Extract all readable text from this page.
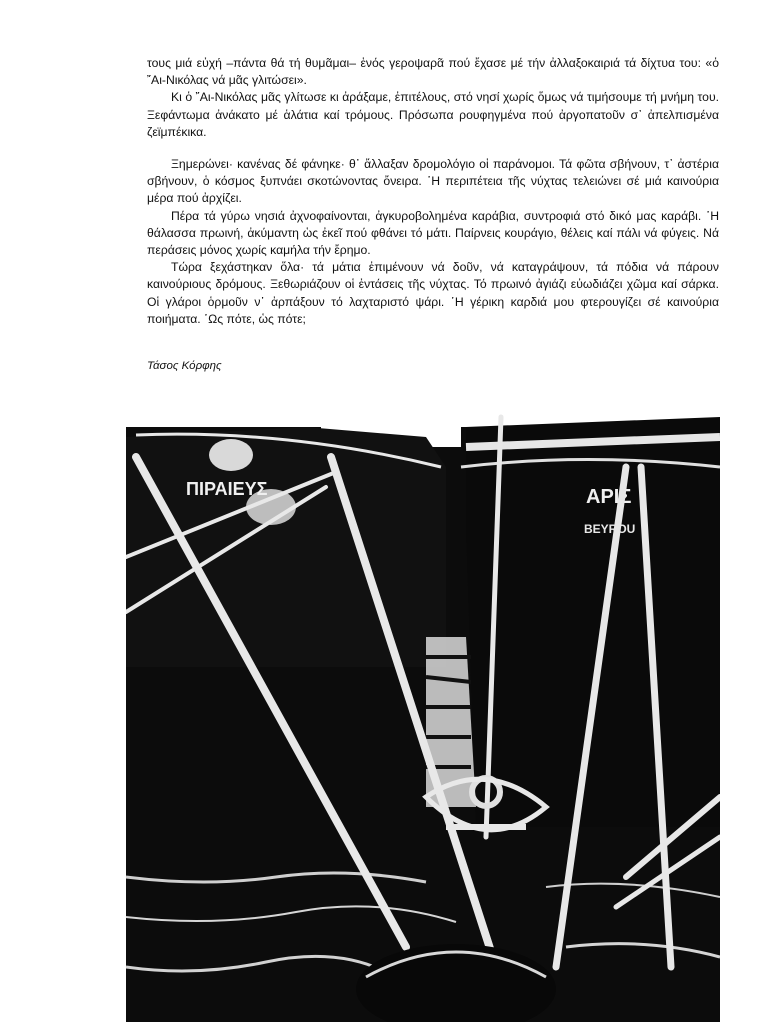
τους μιά εὐχή –πάντα θά τή θυμᾶμαι– ἑνός γεροψαρᾶ πού ἔχασε μέ τήν ἀλλαξοκαιριά τά δίχτυα του: «ὁ ῎Αι-Νικόλας νά μᾶς γλιτώσει».

Κι ὁ ῎Αι-Νικόλας μᾶς γλίτωσε κι ἀράξαμε, ἐπιτέλους, στό νησί χωρίς ὅμως νά τιμήσουμε τή μνήμη του. Ξεφάντωμα ἀνάκατο μέ ἁλάτια καί τρόμους. Πρόσωπα ρουφηγμένα πού ἀργοπατοῦν σ᾽ ἀπελπισμένα ζεϊμπέκικα.

Ξημερώνει· κανένας δέ φάνηκε· θ᾽ ἄλλαξαν δρομολόγιο οἱ παράνομοι. Τά φῶτα σβήνουν, τ᾽ ἀστέρια σβήνουν, ὁ κόσμος ξυπνάει σκοτώνοντας ὄνειρα. ῾Η περιπέτεια τῆς νύχτας τελειώνει σέ μιά καινούρια μέρα πού ἀρχίζει.

Πέρα τά γύρω νησιά ἀχνοφαίνονται, ἀγκυροβολημένα καράβια, συντροφιά στό δικό μας καράβι. ῾Η θάλασσα πρωινή, ἀκύμαντη ὡς ἐκεῖ πού φθάνει τό μάτι. Παίρνεις κουράγιο, θέλεις καί πάλι νά φύγεις. Νά περάσεις μόνος χωρίς καμήλα τήν ἔρημο.

Τώρα ξεχάστηκαν ὅλα· τά μάτια ἐπιμένουν νά δοῦν, νά καταγράψουν, τά πόδια νά πάρουν καινούριους δρόμους. Ξεθωριάζουν οἱ ἐντάσεις τῆς νύχτας. Τό πρωινό ἀγιάζι εὐωδιάζει χῶμα καί σάρκα. Οἱ γλάροι ὁρμοῦν ν᾽ ἀρπάξουν τό λαχταριστό ψάρι. ῾Η γέρικη καρδιά μου φτερουγίζει σέ καινούρια ποιήματα. ῾Ως πότε, ὡς πότε;

Τάσος Κόρφης
ΠΙΡΑΙΕΥΣ	ΑΡΙΣ
BEYROU
